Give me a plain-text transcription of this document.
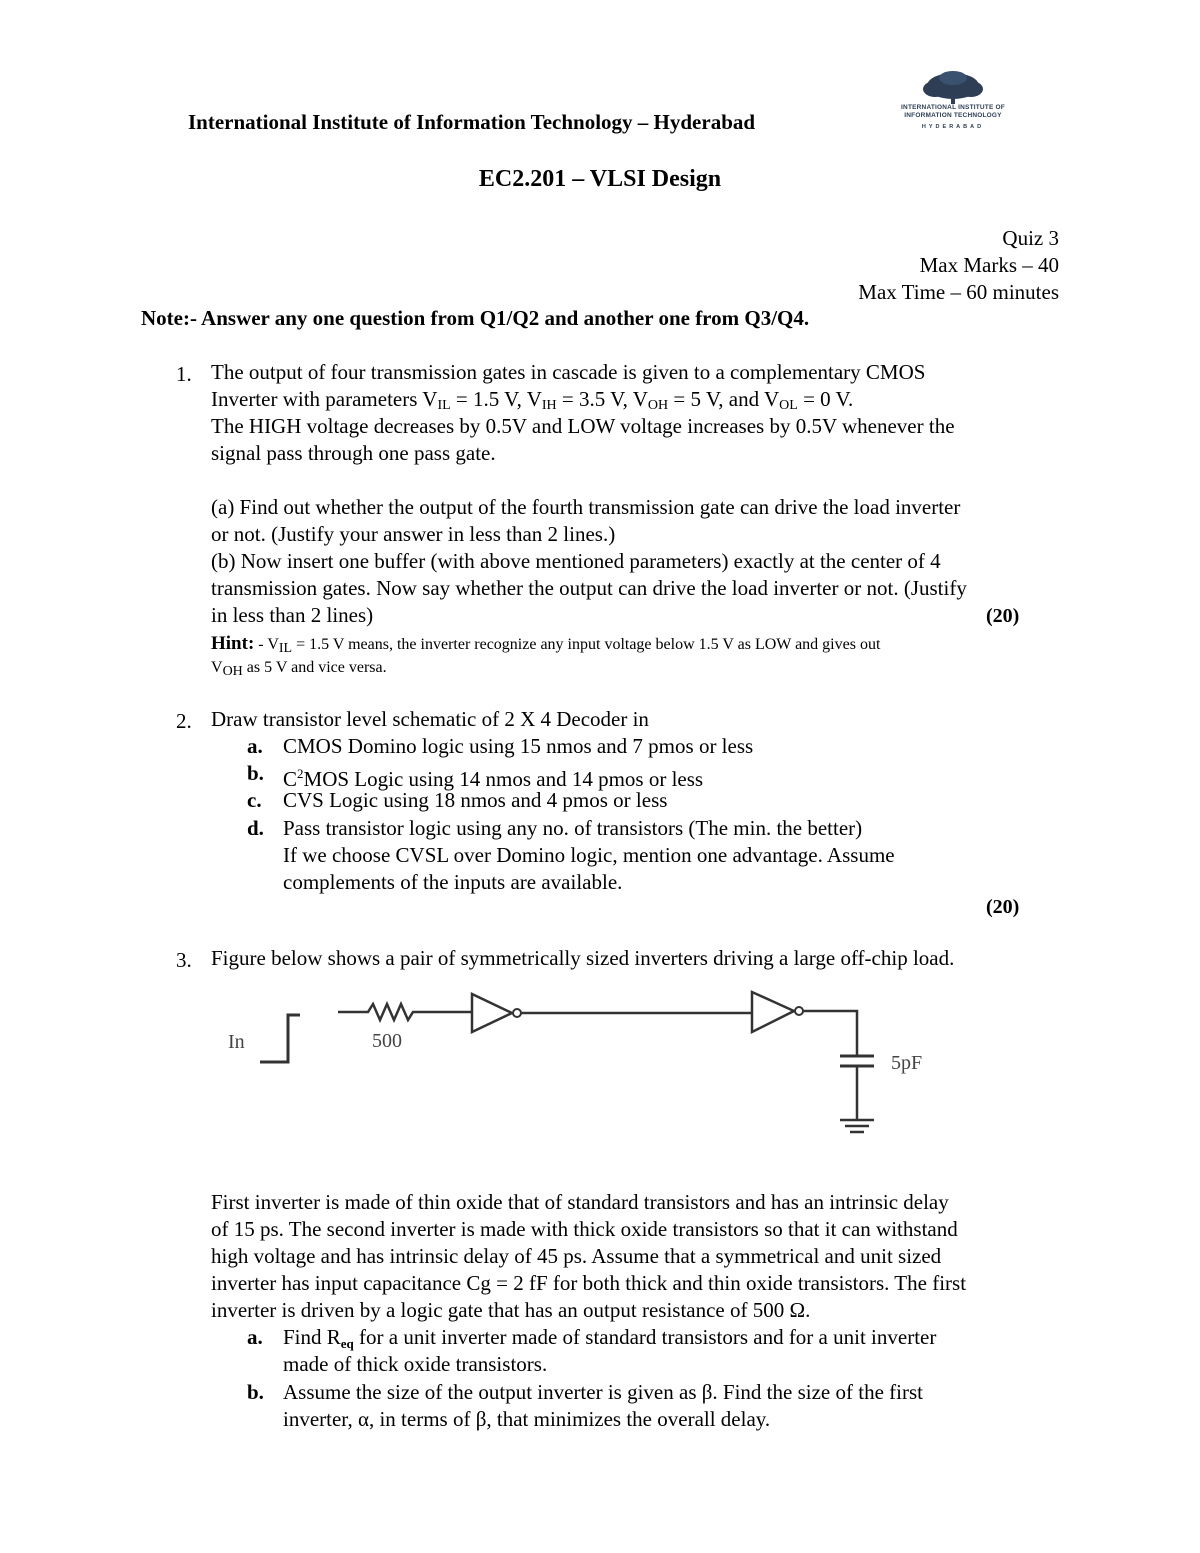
International Institute of Information Technology – Hyderabad
INTERNATIONAL INSTITUTE OF
INFORMATION TECHNOLOGY
HYDERABAD
EC2.201 – VLSI Design
Quiz 3
Max Marks – 40
Max Time – 60 minutes
Note:- Answer any one question from Q1/Q2 and another one from Q3/Q4.
1. The output of four transmission gates in cascade is given to a complementary CMOS
Inverter with parameters $V_{IL} = 1.5$ V, $V_{IH} = 3.5$ V, $V_{OH} = 5$ V, and $V_{OL} = 0$ V.
The HIGH voltage decreases by 0.5V and LOW voltage increases by 0.5V whenever the
signal pass through one pass gate.
(a) Find out whether the output of the fourth transmission gate can drive the load inverter
or not. (Justify your answer in less than 2 lines.)
(b) Now insert one buffer (with above mentioned parameters) exactly at the center of 4
transmission gates. Now say whether the output can drive the load inverter or not. (Justify
in less than 2 lines)	(20)
Hint: - VIL = 1.5 V means, the inverter recognize any input voltage below 1.5 V as LOW and gives out
VOH as 5 V and vice versa.
2. Draw transistor level schematic of 2 X 4 Decoder in
a. CMOS Domino logic using 15 nmos and 7 pmos or less
b. $C^2MOS$ Logic using 14 nmos and 14 pmos or less
c. CVS Logic using 18 nmos and 4 pmos or less
d. Pass transistor logic using any no. of transistors (The min. the better)
If we choose CVSL over Domino logic, mention one advantage. Assume
complements of the inputs are available.
(20)
3. Figure below shows a pair of symmetrically sized inverters driving a large off-chip load.
In	500
5pF
First inverter is made of thin oxide that of standard transistors and has an intrinsic delay
of 15 ps. The second inverter is made with thick oxide transistors so that it can withstand
high voltage and has intrinsic delay of 45 ps. Assume that a symmetrical and unit sized
inverter has input capacitance Cg = 2 fF for both thick and thin oxide transistors. The first
inverter is driven by a logic gate that has an output resistance of 500 Ω.
a. Find Req for a unit inverter made of standard transistors and for a unit inverter
made of thick oxide transistors.
b. Assume the size of the output inverter is given as β. Find the size of the first
inverter, α, in terms of β, that minimizes the overall delay.
